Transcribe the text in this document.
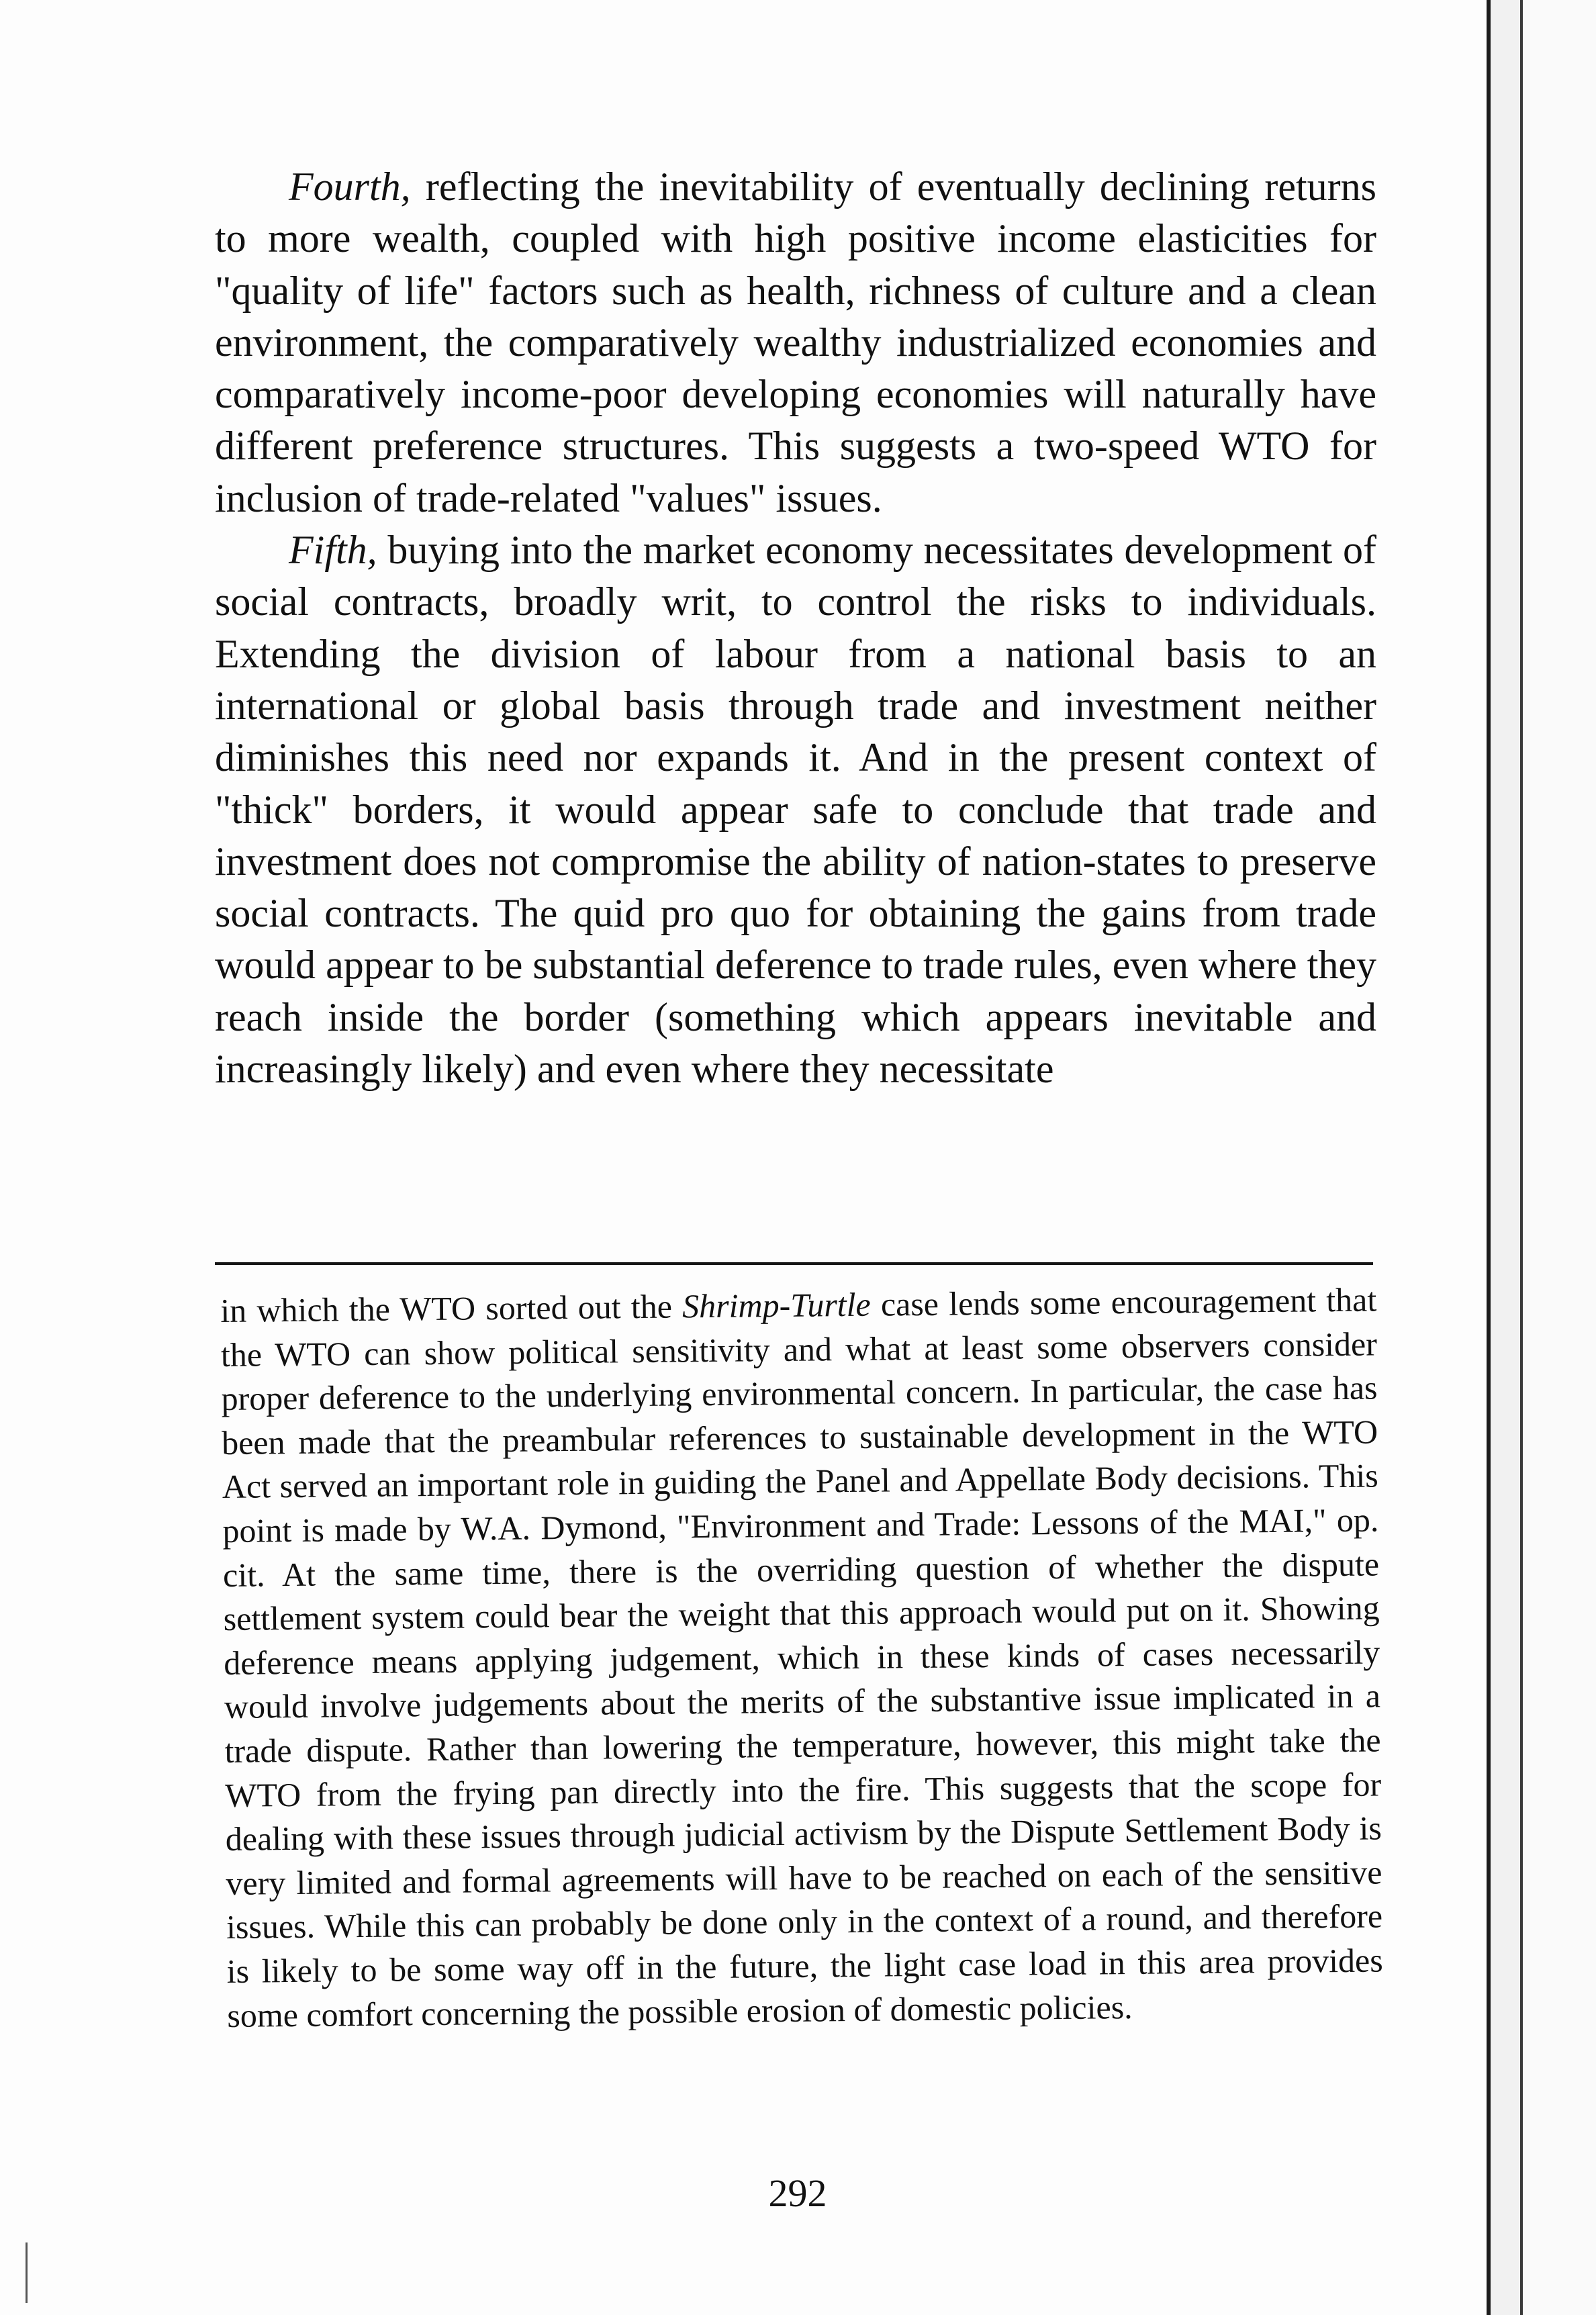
Fourth, reflecting the inevitability of eventually declining returns to more wealth, coupled with high positive income elasticities for "quality of life" factors such as health, richness of culture and a clean environment, the comparatively wealthy industrialized economies and comparatively income-poor developing economies will naturally have different preference structures. This suggests a two-speed WTO for inclusion of trade-related "values" issues.

Fifth, buying into the market economy necessitates development of social contracts, broadly writ, to control the risks to individuals. Extending the division of labour from a national basis to an international or global basis through trade and investment neither diminishes this need nor expands it. And in the present context of "thick" borders, it would appear safe to conclude that trade and investment does not compromise the ability of nation-states to preserve social contracts. The quid pro quo for obtaining the gains from trade would appear to be substantial deference to trade rules, even where they reach inside the border (something which appears inevitable and increasingly likely) and even where they necessitate

in which the WTO sorted out the Shrimp-Turtle case lends some encouragement that the WTO can show political sensitivity and what at least some observers consider proper deference to the underlying environmental concern. In particular, the case has been made that the preambular references to sustainable development in the WTO Act served an important role in guiding the Panel and Appellate Body decisions. This point is made by W.A. Dymond, "Environment and Trade: Lessons of the MAI," op. cit. At the same time, there is the overriding question of whether the dispute settlement system could bear the weight that this approach would put on it. Showing deference means applying judgement, which in these kinds of cases necessarily would involve judgements about the merits of the substantive issue implicated in a trade dispute. Rather than lowering the temperature, however, this might take the WTO from the frying pan directly into the fire. This suggests that the scope for dealing with these issues through judicial activism by the Dispute Settlement Body is very limited and formal agreements will have to be reached on each of the sensitive issues. While this can probably be done only in the context of a round, and therefore is likely to be some way off in the future, the light case load in this area provides some comfort concerning the possible erosion of domestic policies.

292
